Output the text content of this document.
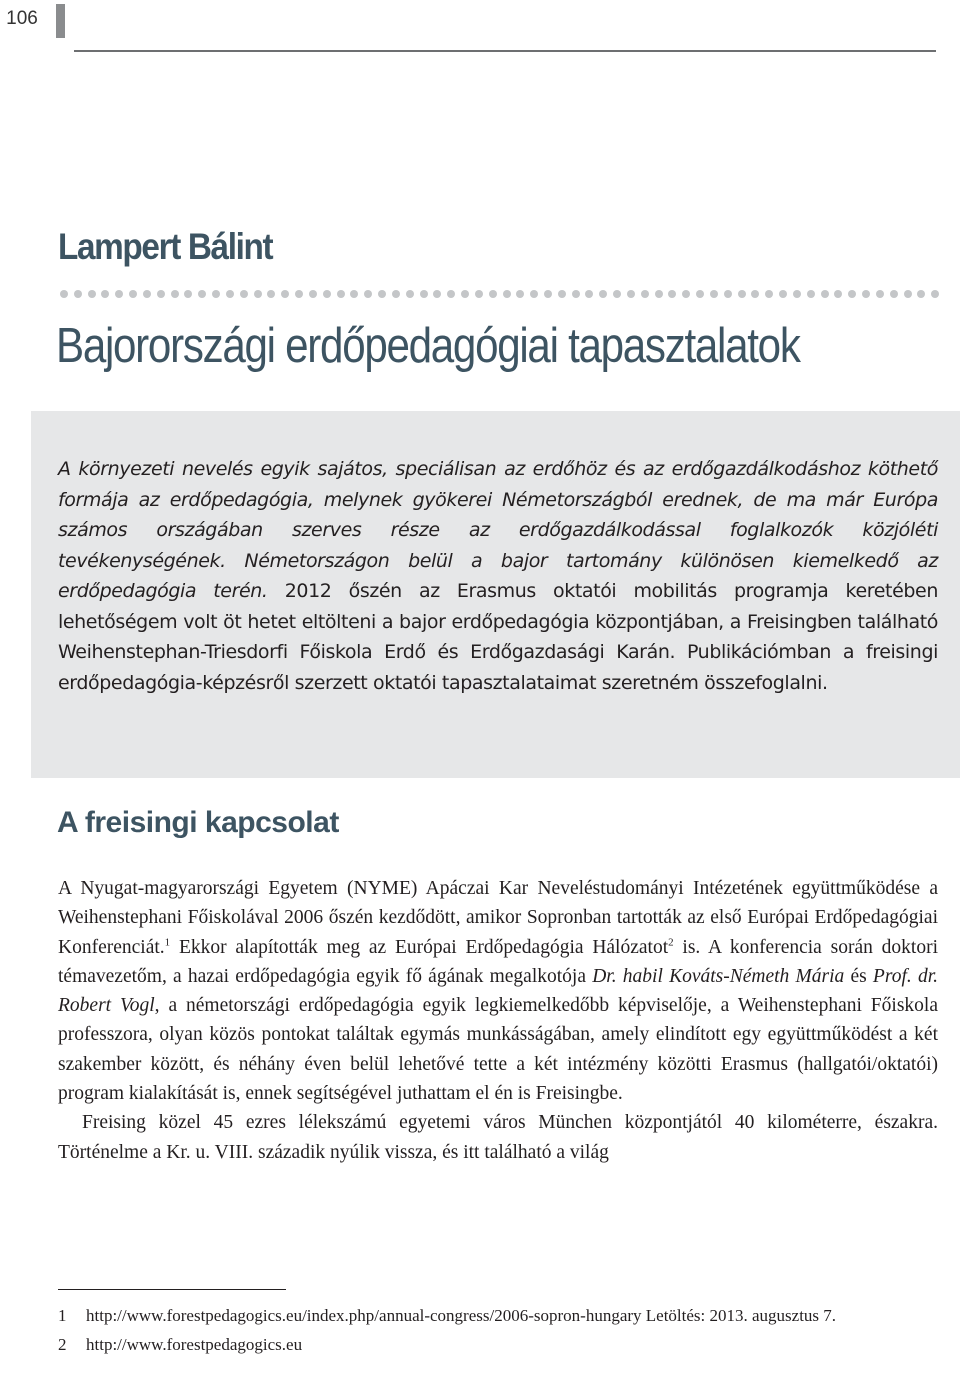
106
Lampert Bálint
Bajorországi erdőpedagógiai tapasztalatok
A környezeti nevelés egyik sajátos, speciálisan az erdőhöz és az erdőgazdálkodáshoz köthető formája az erdőpedagógia, melynek gyökerei Németországból erednek, de ma már Európa számos országában szerves része az erdőgazdálkodással foglalkozók közjóléti tevékenységének. Németországon belül a bajor tartomány különösen kiemelkedő az erdőpedagógia terén. 2012 őszén az Erasmus oktatói mobilitás programja keretében lehetőségem volt öt hetet eltölteni a bajor erdőpedagógia központjában, a Freisingben található Weihenstephan-Triesdorfi Főiskola Erdő és Erdőgazdasági Karán. Publikációmban a freisingi erdőpedagógia-képzésről szerzett oktatói tapasztalataimat szeretném összefoglalni.
A freisingi kapcsolat

A Nyugat-magyarországi Egyetem (NYME) Apáczai Kar Neveléstudományi Intézetének együttműködése a Weihenstephani Főiskolával 2006 őszén kezdődött, amikor Sopronban tartották az első Európai Erdőpedagógiai Konferenciát.$^1$ Ekkor alapították meg az Európai Erdőpedagógia Hálózatot$^2$ is. A konferencia során doktori témavezetőm, a hazai erdőpedagógia egyik fő ágának megalkotója Dr. habil Kováts-Németh Mária és Prof. dr. Robert Vogl, a németországi erdőpedagógia egyik legkiemelkedőbb képviselője, a Weihenstephani Főiskola professzora, olyan közös pontokat találtak egymás munkásságában, amely elindított egy együttműködést a két szakember között, és néhány éven belül lehetővé tette a két intézmény közötti Erasmus (hallgatói/oktatói) program kialakítását is, ennek segítségével juthattam el én is Freisingbe.

Freising közel 45 ezres lélekszámú egyetemi város München központjától 40 kilométerre, északra. Történelme a Kr. u. VIII. századik nyúlik vissza, és itt található a világ

1	http://www.forestpedagogics.eu/index.php/annual-congress/2006-sopron-hungary Letöltés: 2013. augusztus 7.
2	http://www.forestpedagogics.eu
